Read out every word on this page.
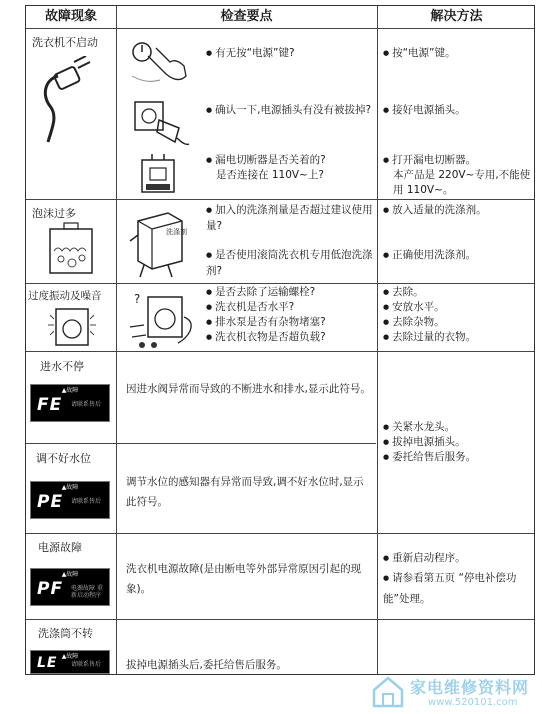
故障现象	检查要点	解决方法
洗衣机不启动
● 有无按“电源”键?
● 确认一下,电源插头有没有被拔掉?
● 漏电切断器是否关着的?
是否连接在 110V~上?
● 按“电源”键。
● 接好电源插头。
● 打开漏电切断器。
本产品是 220V~专用,不能使用 110V~。
泡沫过多
洗涤剂
● 加入的洗涤剂量是否超过建议使用量?
● 是否使用滚筒洗衣机专用低泡洗涤剂?
● 放入适量的洗涤剂。
● 正确使用洗涤剂。
过度振动及噪音	?
●	是否去除了运输螺栓?
● 洗衣机是否水平?
● 排水泵是否有杂物堵塞?
● 洗衣机衣物是否超负载?
● 去除。
● 安放水平。
● 去除杂物。
● 去除过量的衣物。
进水不停
▲故障
FE 请联系售后
因进水阀异常而导致的不断进水和排水,显示此符号。
调不好水位
▲故障
PE 请联系售后
调节水位的感知器有异常而导致,调不好水位时,显示此符号。
● 关紧水龙头。
● 拔掉电源插头。
● 委托给售后服务。
电源故障
▲故障
PF 电源故障 重新启动程序
洗衣机电源故障(是由断电等外部异常原因引起的现象)。
● 重新启动程序。
● 请参看第五页 “停电补偿功能”处理。
洗涤筒不转
▲故障
LE 请联系售后 拔掉电源插头后,委托给售后服务。
家电维修资料网
www.520101.com
